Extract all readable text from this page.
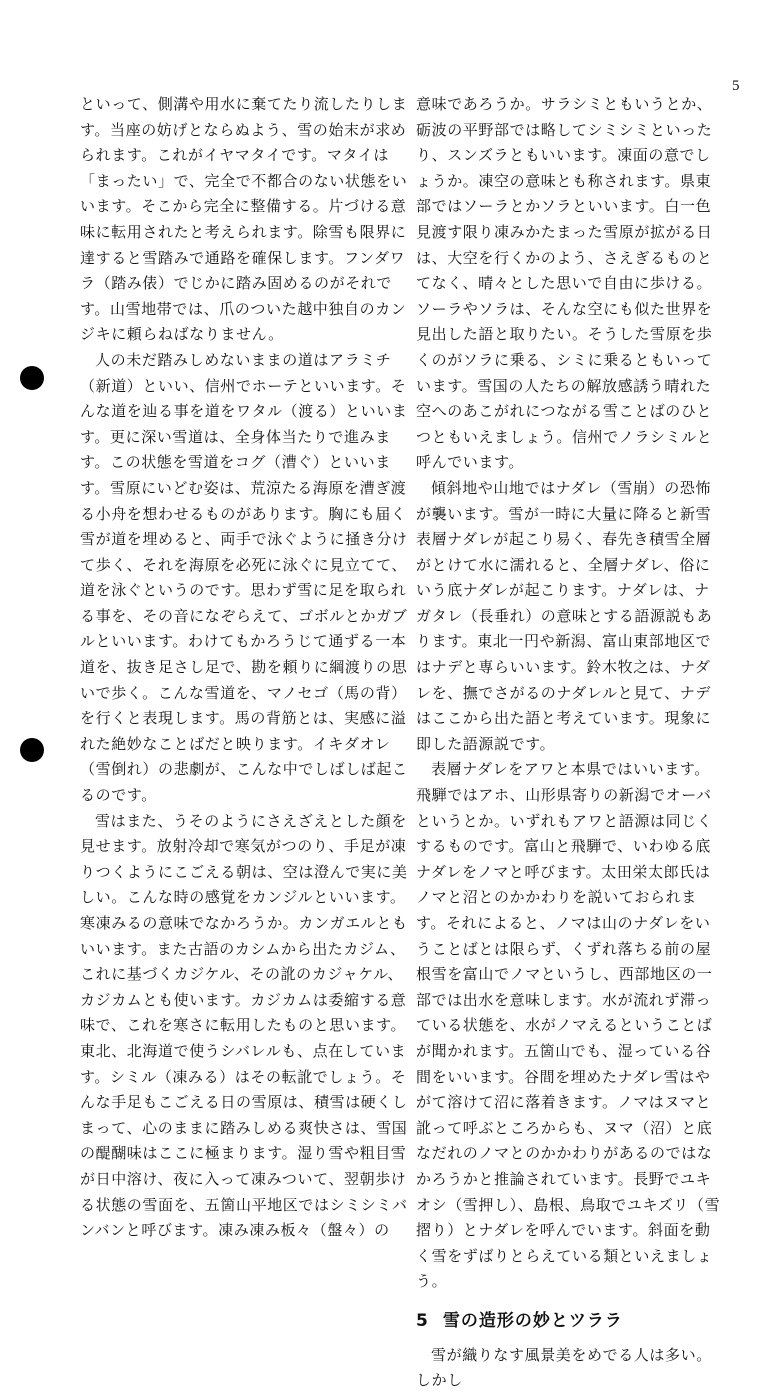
5

といって、側溝や用水に棄てたり流したりします。当座の妨げとならぬよう、雪の始末が求められます。これがイヤマタイです。マタイは「まったい」で、完全で不都合のない状態をいいます。そこから完全に整備する。片づける意味に転用されたと考えられます。除雪も限界に達すると雪踏みで通路を確保します。フンダワラ（踏み俵）でじかに踏み固めるのがそれです。山雪地帯では、爪のついた越中独自のカンジキに頼らねばなりません。

人の未だ踏みしめないままの道はアラミチ（新道）といい、信州でホーテといいます。そんな道を辿る事を道をワタル（渡る）といいます。更に深い雪道は、全身体当たりで進みます。この状態を雪道をコグ（漕ぐ）といいます。雪原にいどむ姿は、荒涼たる海原を漕ぎ渡る小舟を想わせるものがあります。胸にも届く雪が道を埋めると、両手で泳ぐように掻き分けて歩く、それを海原を必死に泳ぐに見立てて、道を泳ぐというのです。思わず雪に足を取られる事を、その音になぞらえて、ゴボルとかガブルといいます。わけてもかろうじて通ずる一本道を、抜き足さし足で、勘を頼りに綱渡りの思いで歩く。こんな雪道を、マノセゴ（馬の背）を行くと表現します。馬の背筋とは、実感に溢れた絶妙なことばだと映ります。イキダオレ（雪倒れ）の悲劇が、こんな中でしばしば起こるのです。

雪はまた、うそのようにさえざえとした顔を見せます。放射冷却で寒気がつのり、手足が凍りつくようにこごえる朝は、空は澄んで実に美しい。こんな時の感覚をカンジルといいます。寒凍みるの意味でなかろうか。カンガエルともいいます。また古語のカシムから出たカジム、これに基づくカジケル、その訛のカジャケル、カジカムとも使います。カジカムは委縮する意味で、これを寒さに転用したものと思います。東北、北海道で使うシバレルも、点在しています。シミル（凍みる）はその転訛でしょう。そんな手足もこごえる日の雪原は、積雪は硬くしまって、心のままに踏みしめる爽快さは、雪国の醍醐味はここに極まります。湿り雪や粗目雪が日中溶け、夜に入って凍みついて、翌朝歩ける状態の雪面を、五箇山平地区ではシミシミバンバンと呼びます。凍み凍み板々（盤々）の

意味であろうか。サラシミともいうとか、砺波の平野部では略してシミシミといったり、スンズラともいいます。凍面の意でしょうか。凍空の意味とも称されます。県東部ではソーラとかソラといいます。白一色見渡す限り凍みかたまった雪原が拡がる日は、大空を行くかのよう、さえぎるものとてなく、晴々とした思いで自由に歩ける。ソーラやソラは、そんな空にも似た世界を見出した語と取りたい。そうした雪原を歩くのがソラに乗る、シミに乗るともいっています。雪国の人たちの解放感誘う晴れた空へのあこがれにつながる雪ことばのひとつともいえましょう。信州でノラシミルと呼んでいます。

傾斜地や山地ではナダレ（雪崩）の恐怖が襲います。雪が一時に大量に降ると新雪表層ナダレが起こり易く、春先き積雪全層がとけて水に濡れると、全層ナダレ、俗にいう底ナダレが起こります。ナダレは、ナガタレ（長垂れ）の意味とする語源説もあります。東北一円や新潟、富山東部地区ではナデと専らいいます。鈴木牧之は、ナダレを、撫でさがるのナダレルと見て、ナデはここから出た語と考えています。現象に即した語源説です。

表層ナダレをアワと本県ではいいます。飛騨ではアホ、山形県寄りの新潟でオーバというとか。いずれもアワと語源は同じくするものです。富山と飛騨で、いわゆる底ナダレをノマと呼びます。太田栄太郎氏はノマと沼とのかかわりを説いておられます。それによると、ノマは山のナダレをいうことばとは限らず、くずれ落ちる前の屋根雪を富山でノマというし、西部地区の一部では出水を意味します。水が流れず滞っている状態を、水がノマえるということばが聞かれます。五箇山でも、湿っている谷間をいいます。谷間を埋めたナダレ雪はやがて溶けて沼に落着きます。ノマはヌマと訛って呼ぶところからも、ヌマ（沼）と底なだれのノマとのかかわりがあるのではなかろうかと推論されています。長野でユキオシ（雪押し）、島根、鳥取でユキズリ（雪摺り）とナダレを呼んでいます。斜面を動く雪をずばりとらえている類といえましょう。

5 雪の造形の妙とツララ

雪が織りなす風景美をめでる人は多い。しかし
